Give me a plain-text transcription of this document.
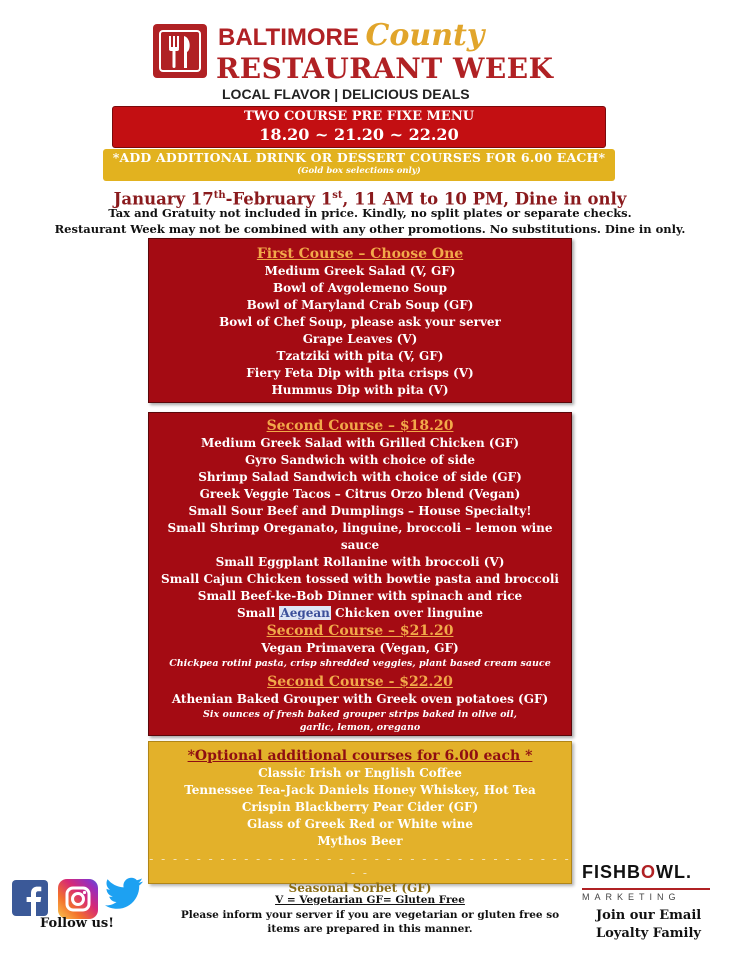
BALTIMORE County
RESTAURANT WEEK
LOCAL FLAVOR | DELICIOUS DEALS
TWO COURSE PRE FIXE MENU
18.20 ~ 21.20 ~ 22.20
*ADD ADDITIONAL DRINK OR DESSERT COURSES FOR 6.00 EACH*
(Gold box selections only)
January 17th-February 1st, 11 AM to 10 PM, Dine in only
Tax and Gratuity not included in price. Kindly, no split plates or separate checks.
Restaurant Week may not be combined with any other promotions. No substitutions. Dine in only.
First Course – Choose One
Medium Greek Salad (V, GF)
Bowl of Avgolemeno Soup
Bowl of Maryland Crab Soup (GF)
Bowl of Chef Soup, please ask your server
Grape Leaves (V)
Tzatziki with pita (V, GF)
Fiery Feta Dip with pita crisps (V)
Hummus Dip with pita (V)
Second Course – $18.20
Medium Greek Salad with Grilled Chicken (GF)
Gyro Sandwich with choice of side
Shrimp Salad Sandwich with choice of side (GF)
Greek Veggie Tacos – Citrus Orzo blend (Vegan)
Small Sour Beef and Dumplings – House Specialty!
Small Shrimp Oreganato, linguine, broccoli – lemon wine sauce
Small Eggplant Rollanine with broccoli (V)
Small Cajun Chicken tossed with bowtie pasta and broccoli
Small Beef-ke-Bob Dinner with spinach and rice
Small Aegean Chicken over linguine
Second Course – $21.20
Vegan Primavera (Vegan, GF)
Chickpea rotini pasta, crisp shredded veggies, plant based cream sauce
Second Course - $22.20
Athenian Baked Grouper with Greek oven potatoes (GF)
Six ounces of fresh baked grouper strips baked in olive oil,
garlic, lemon, oregano
*Optional additional courses for 6.00 each *
Classic Irish or English Coffee
Tennessee Tea-Jack Daniels Honey Whiskey, Hot Tea
Crispin Blackberry Pear Cider (GF)
Glass of Greek Red or White wine
Mythos Beer
- - - - - - - - - - - - - - - - - - - - - - - - - - - - - - - - - - - - - -
Seasonal Sorbet (GF)
V = Vegetarian GF= Gluten Free
Please inform your server if you are vegetarian or gluten free so
items are prepared in this manner.
Follow us!
FISHBOWL.
MARKETING
Join our Email
Loyalty Family
